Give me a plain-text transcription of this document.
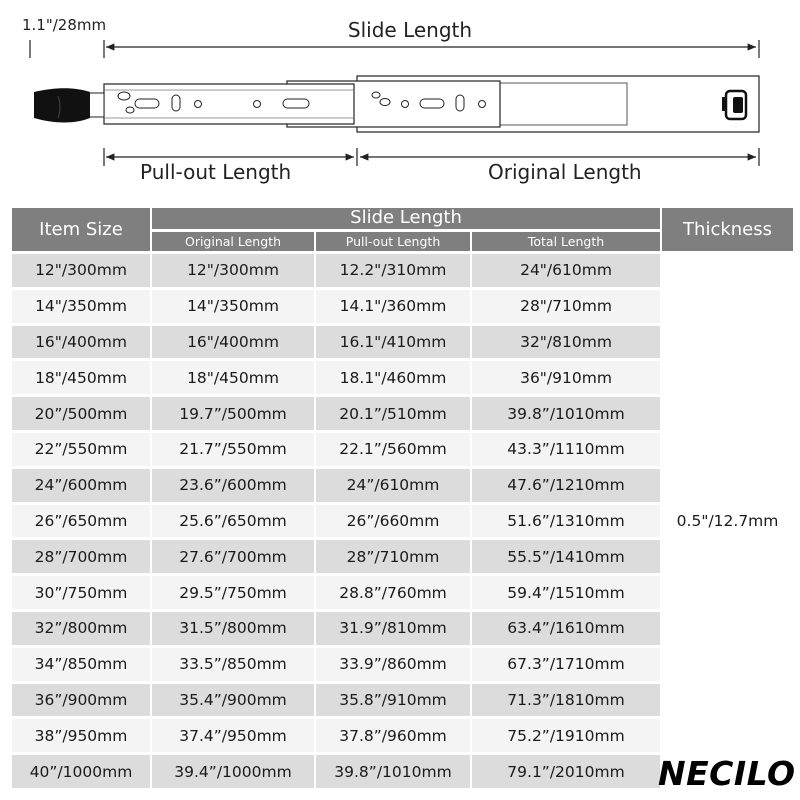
1.1"/28mm	Slide Length
Pull-out Length	Original Length
Item Size	Slide Length			Thickness
	Original Length	Pull-out Length	Total Length	
12"/300mm	12"/300mm	12.2"/310mm	24"/610mm	0.5"/12.7mm
14"/350mm	14"/350mm	14.1"/360mm	28"/710mm	
16"/400mm	16"/400mm	16.1"/410mm	32"/810mm	
18"/450mm	18"/450mm	18.1"/460mm	36"/910mm	
20”/500mm	19.7”/500mm	20.1”/510mm	39.8”/1010mm	
22”/550mm	21.7”/550mm	22.1”/560mm	43.3”/1110mm	
24”/600mm	23.6”/600mm	24”/610mm	47.6”/1210mm	
26”/650mm	25.6”/650mm	26”/660mm	51.6”/1310mm	
28”/700mm	27.6”/700mm	28”/710mm	55.5”/1410mm	
30”/750mm	29.5”/750mm	28.8”/760mm	59.4”/1510mm	
32”/800mm	31.5”/800mm	31.9”/810mm	63.4”/1610mm	
34”/850mm	33.5”/850mm	33.9”/860mm	67.3”/1710mm	
36”/900mm	35.4”/900mm	35.8”/910mm	71.3”/1810mm	
38”/950mm	37.4”/950mm	37.8”/960mm	75.2”/1910mm	
40”/1000mm	39.4”/1000mm	39.8”/1010mm	79.1”/2010mm	NECILO
